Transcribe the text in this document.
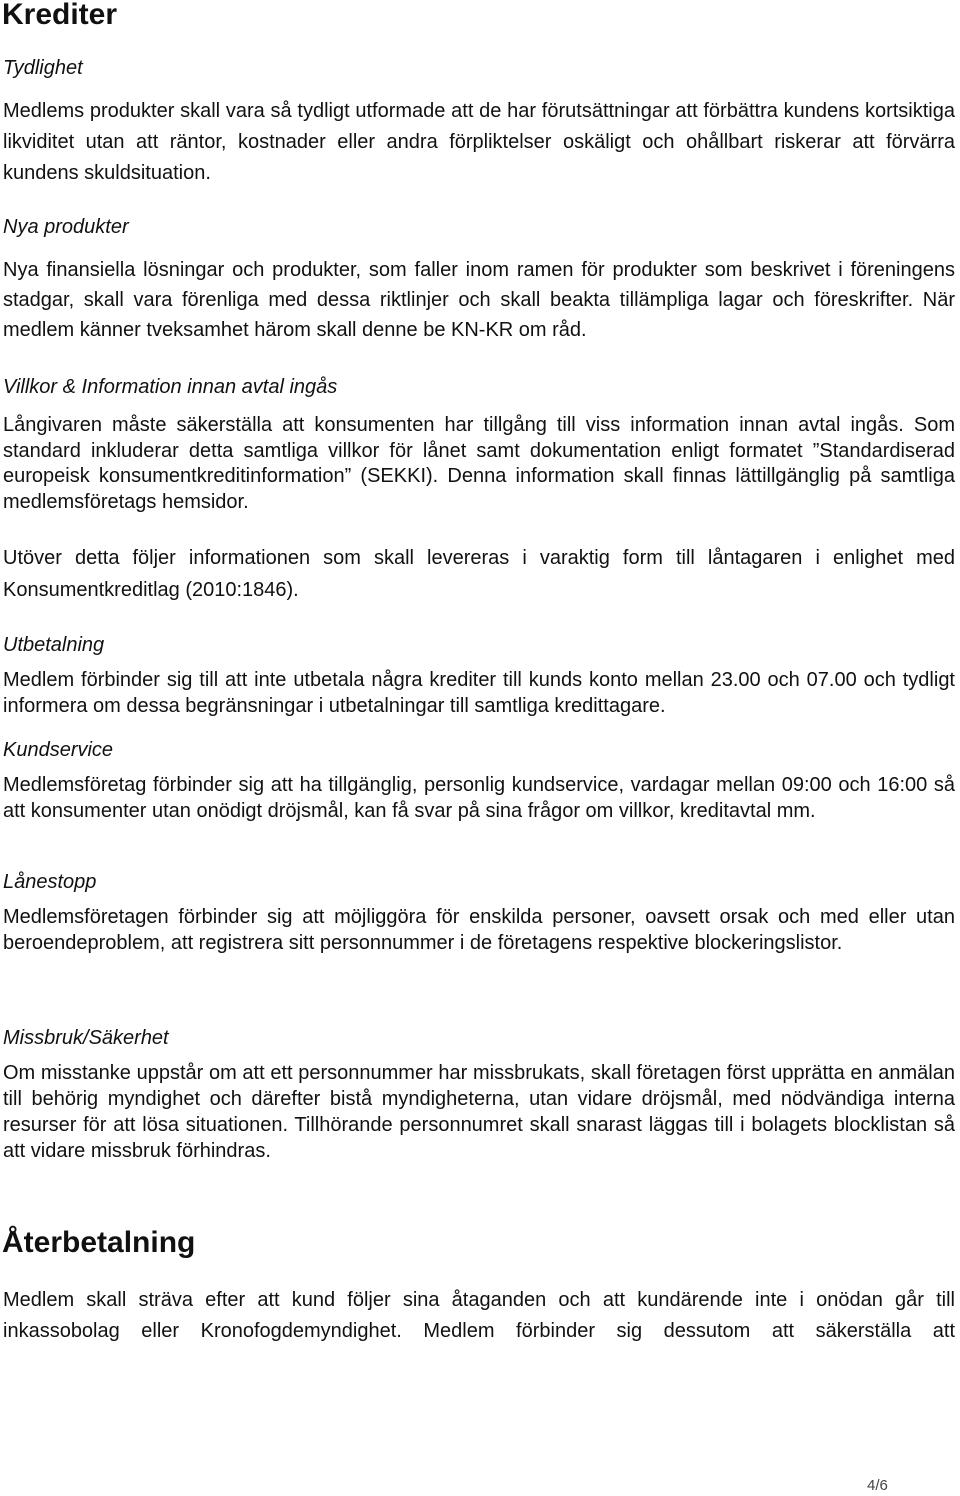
Krediter
Tydlighet

Medlems produkter skall vara så tydligt utformade att de har förutsättningar att förbättra kundens kortsiktiga likviditet utan att räntor, kostnader eller andra förpliktelser oskäligt och ohållbart riskerar att förvärra kundens skuldsituation.

Nya produkter

Nya finansiella lösningar och produkter, som faller inom ramen för produkter som beskrivet i föreningens stadgar, skall vara förenliga med dessa riktlinjer och skall beakta tillämpliga lagar och föreskrifter. När medlem känner tveksamhet härom skall denne be KN-KR om råd.

Villkor & Information innan avtal ingås

Långivaren måste säkerställa att konsumenten har tillgång till viss information innan avtal ingås. Som standard inkluderar detta samtliga villkor för lånet samt dokumentation enligt formatet ”Standardiserad europeisk konsumentkreditinformation” (SEKKI). Denna information skall finnas lättillgänglig på samtliga medlemsföretags hemsidor.

Utöver detta följer informationen som skall levereras i varaktig form till låntagaren i enlighet med Konsumentkreditlag (2010:1846).

Utbetalning

Medlem förbinder sig till att inte utbetala några krediter till kunds konto mellan 23.00 och 07.00 och tydligt informera om dessa begränsningar i utbetalningar till samtliga kredittagare.

Kundservice

Medlemsföretag förbinder sig att ha tillgänglig, personlig kundservice, vardagar mellan 09:00 och 16:00 så att konsumenter utan onödigt dröjsmål, kan få svar på sina frågor om villkor, kreditavtal mm.

Lånestopp

Medlemsföretagen förbinder sig att möjliggöra för enskilda personer, oavsett orsak och med eller utan beroendeproblem, att registrera sitt personnummer i de företagens respektive blockeringslistor.

Missbruk/Säkerhet

Om misstanke uppstår om att ett personnummer har missbrukats, skall företagen först upprätta en anmälan till behörig myndighet och därefter bistå myndigheterna, utan vidare dröjsmål, med nödvändiga interna resurser för att lösa situationen. Tillhörande personnumret skall snarast läggas till i bolagets blocklistan så att vidare missbruk förhindras.

Återbetalning

Medlem skall sträva efter att kund följer sina åtaganden och att kundärende inte i onödan går till inkassobolag eller Kronofogdemyndighet. Medlem förbinder sig dessutom att säkerställa att

4/6
